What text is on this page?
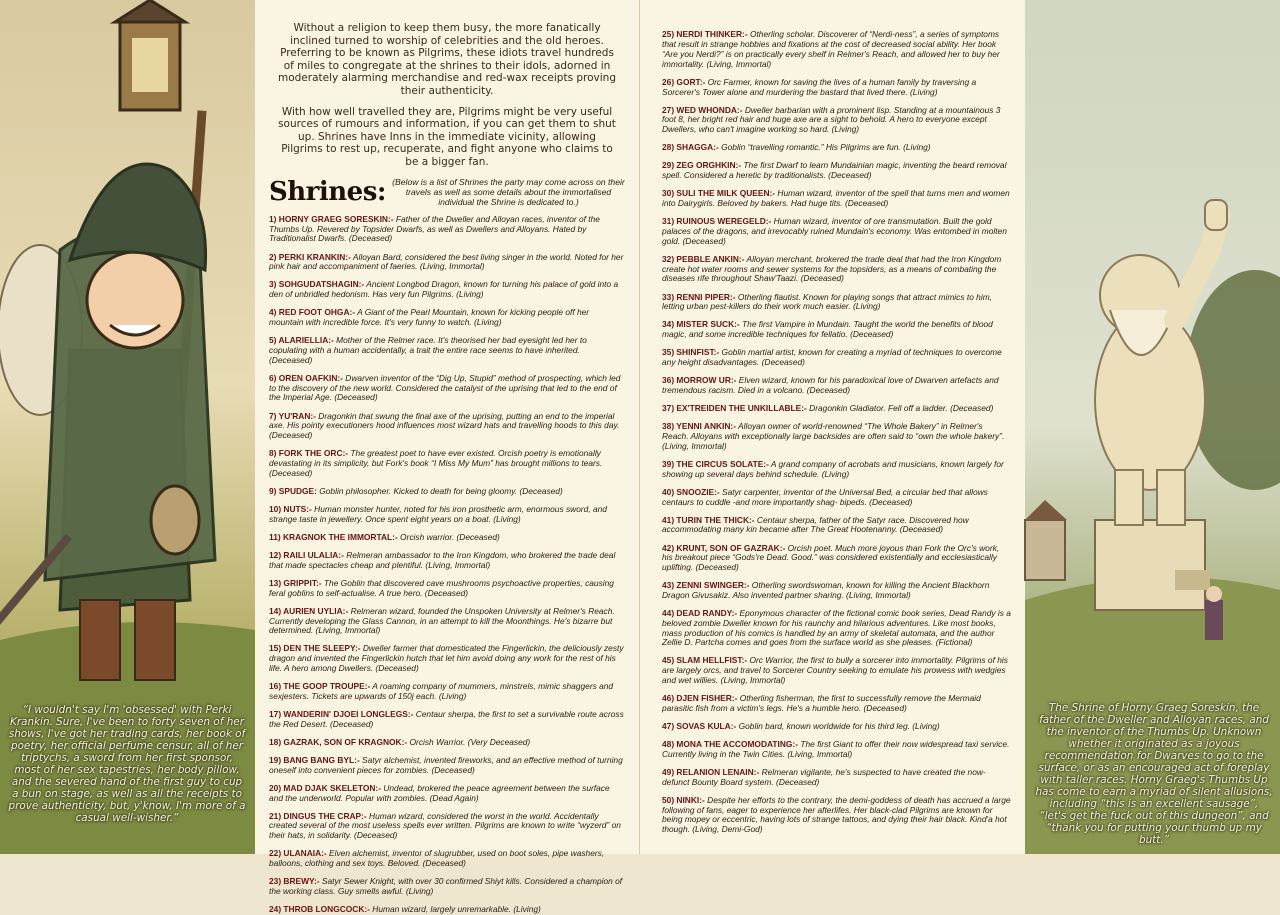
Without a religion to keep them busy, the more fanatically inclined turned to worship of celebrities and the old heroes. Preferring to be known as Pilgrims, these idiots travel hundreds of miles to congregate at the shrines to their idols, adorned in moderately alarming merchandise and red-wax receipts proving their authenticity.

With how well travelled they are, Pilgrims might be very useful sources of rumours and information, if you can get them to shut up. Shrines have Inns in the immediate vicinity, allowing Pilgrims to rest up, recuperate, and fight anyone who claims to be a bigger fan.

Shrines: (Below is a list of Shrines the party may come across on their travels as well as some details about the immortalised individual the Shrine is dedicated to.)

1) HORNY GRAEG SORESKIN:- Father of the Dweller and Alloyan races, inventor of the Thumbs Up. Revered by Topsider Dwarfs, as well as Dwellers and Alloyans. Hated by Traditionalist Dwarfs. (Deceased)

2) PERKI KRANKIN:- Alloyan Bard, considered the best living singer in the world. Noted for her pink hair and accompaniment of faeries. (Living, Immortal)

3) SOHGUDATSHAGIN:- Ancient Longbod Dragon, known for turning his palace of gold into a den of unbridled hedonism. Has very fun Pilgrims. (Living)

4) RED FOOT OHGA:- A Giant of the Pearl Mountain, known for kicking people off her mountain with incredible force. It's very funny to watch. (Living)

5) ALARIELLIA:- Mother of the Relmer race. It's theorised her bad eyesight led her to copulating with a human accidentally, a trait the entire race seems to have inherited. (Deceased)

6) OREN OAFKIN:- Dwarven inventor of the “Dig Up, Stupid” method of prospecting, which led to the discovery of the new world. Considered the catalyst of the uprising that led to the end of the Imperial Age. (Deceased)

7) YU'RAN:- Dragonkin that swung the final axe of the uprising, putting an end to the imperial axe. His pointy executioners hood influences most wizard hats and travelling hoods to this day. (Deceased)

8) FORK THE ORC:- The greatest poet to have ever existed. Orcish poetry is emotionally devastating in its simplicity, but Fork's book “I Miss My Mum” has brought millions to tears. (Deceased)

9) SPUDGE: Goblin philosopher. Kicked to death for being gloomy. (Deceased)

10) NUTS:- Human monster hunter, noted for his iron prosthetic arm, enormous sword, and strange taste in jewellery. Once spent eight years on a boat. (Living)

11) KRAGNOK THE IMMORTAL:- Orcish warrior. (Deceased)

12) RAILI ULALIA:- Relmeran ambassador to the Iron Kingdom, who brokered the trade deal that made spectacles cheap and plentiful. (Living, Immortal)

13) GRIPPIT:- The Goblin that discovered cave mushrooms psychoactive properties, causing feral goblins to self-actualise. A true hero. (Deceased)

14) AURIEN UYLIA:- Relmeran wizard, founded the Unspoken University at Relmer's Reach. Currently developing the Glass Cannon, in an attempt to kill the Moonthings. He's bizarre but determined. (Living, Immortal)

15) DEN THE SLEEPY:- Dweller farmer that domesticated the Fingerlickin, the deliciously zesty dragon and invented the Fingerlickin hutch that let him avoid doing any work for the rest of his life. A hero among Dwellers. (Deceased)

16) THE GOOP TROUPE:- A roaming company of mummers, minstrels, mimic shaggers and sexjesters. Tickets are upwards of 150j each. (Living)

17) WANDERIN' DJOEI LONGLEGS:- Centaur sherpa, the first to set a survivable route across the Red Desert. (Deceased)

18) GAZRAK, SON OF KRAGNOK:- Orcish Warrior. (Very Deceased)

19) BANG BANG BYL:- Satyr alchemist, invented fireworks, and an effective method of turning oneself into convenient pieces for zombies. (Deceased)

20) MAD DJAK SKELETON:- Undead, brokered the peace agreement between the surface and the underworld. Popular with zombies. (Dead Again)

21) DINGUS THE CRAP:- Human wizard, considered the worst in the world. Accidentally created several of the most useless spells ever written. Pilgrims are known to write “wyzerd” on their hats, in solidarity. (Deceased)

22) ULANAIA:- Elven alchemist, inventor of slugrubber, used on boot soles, pipe washers, balloons, clothing and sex toys. Beloved. (Deceased)

23) BREWY:- Satyr Sewer Knight, with over 30 confirmed Shiyt kills. Considered a champion of the working class. Guy smells awful. (Living)

24) THROB LONGCOCK:- Human wizard, largely unremarkable. (Living)

25) NERDI THINKER:- Otherling scholar. Discoverer of “Nerdi-ness”, a series of symptoms that result in strange hobbies and fixations at the cost of decreased social ability. Her book “Are you Nerdi?” is on practically every shelf in Relmer's Reach, and allowed her to buy her immortality. (Living, Immortal)

26) GORT:- Orc Farmer, known for saving the lives of a human family by traversing a Sorcerer's Tower alone and murdering the bastard that lived there. (Living)

27) WED WHONDA:- Dweller barbarian with a prominent lisp. Standing at a mountainous 3 foot 8, her bright red hair and huge axe are a sight to behold. A hero to everyone except Dwellers, who can't imagine working so hard. (Living)

28) SHAGGA:- Goblin “travelling romantic.” His Pilgrims are fun. (Living)

29) ZEG ORGHKIN:- The first Dwarf to learn Mundainian magic, inventing the beard removal spell. Considered a heretic by traditionalists. (Deceased)

30) SULI THE MILK QUEEN:- Human wizard, inventor of the spell that turns men and women into Dairygirls. Beloved by bakers. Had huge tits. (Deceased)

31) RUINOUS WEREGELD:- Human wizard, inventor of ore transmutation. Built the gold palaces of the dragons, and irrevocably ruined Mundain's economy. Was entombed in molten gold. (Deceased)

32) PEBBLE ANKIN:- Alloyan merchant, brokered the trade deal that had the Iron Kingdom create hot water rooms and sewer systems for the topsiders, as a means of combating the diseases rife throughout Shaw'Taazi. (Deceased)

33) RENNI PIPER:- Otherling flautist. Known for playing songs that attract mimics to him, letting urban pest-killers do their work much easier. (Living)

34) MISTER SUCK:- The first Vampire in Mundain. Taught the world the benefits of blood magic, and some incredible techniques for fellatio. (Deceased)

35) SHINFIST:- Goblin martial artist, known for creating a myriad of techniques to overcome any height disadvantages. (Deceased)

36) MORROW UR:- Elven wizard, known for his paradoxical love of Dwarven artefacts and tremendous racism. Died in a volcano. (Deceased)

37) EX'TREIDEN THE UNKILLABLE:- Dragonkin Gladiator. Fell off a ladder. (Deceased)

38) YENNI ANKIN:- Alloyan owner of world-renowned “The Whole Bakery” in Relmer's Reach. Alloyans with exceptionally large backsides are often said to “own the whole bakery”. (Living, Immortal)

39) THE CIRCUS SOLATE:- A grand company of acrobats and musicians, known largely for showing up several days behind schedule. (Living)

40) SNOOZIE:- Satyr carpenter, inventor of the Universal Bed, a circular bed that allows centaurs to cuddle -and more importantly shag- bipeds. (Deceased)

41) TURIN THE THICK:- Centaur sherpa, father of the Satyr race. Discovered how accommodating many kin became after The Great Hootenanny. (Deceased)

42) KRUNT, SON OF GAZRAK:- Orcish poet. Much more joyous than Fork the Orc's work, his breakout piece “Gods're Dead. Good.” was considered existentially and ecclesiastically uplifting. (Deceased)

43) ZENNI SWINGER:- Otherling swordswoman, known for killing the Ancient Blackhorn Dragon Givusakiz. Also invented partner sharing. (Living, Immortal)

44) DEAD RANDY:- Eponymous character of the fictional comic book series, Dead Randy is a beloved zombie Dweller known for his raunchy and hilarious adventures. Like most books, mass production of his comics is handled by an army of skeletal automata, and the author Zellie D. Partcha comes and goes from the surface world as she pleases. (Fictional)

45) SLAM HELLFIST:- Orc Warrior, the first to bully a sorcerer into immortality. Pilgrims of his are largely orcs, and travel to Sorcerer Country seeking to emulate his prowess with wedgies and wet willies. (Living, Immortal)

46) DJEN FISHER:- Otherling fisherman, the first to successfully remove the Mermaid parasitic fish from a victim's legs. He's a humble hero. (Deceased)

47) SOVAS KULA:- Goblin bard, known worldwide for his third leg. (Living)

48) MONA THE ACCOMODATING:- The first Giant to offer their now widespread taxi service. Currently living in the Twin Cities. (Living, Immortal)

49) RELANION LENAIN:- Relmeran vigilante, he's suspected to have created the now-defunct Bounty Board system. (Deceased)

50) NINKI:- Despite her efforts to the contrary, the demi-goddess of death has accrued a large following of fans, eager to experience her afterlifes. Her black-clad Pilgrims are known for being mopey or eccentric, having lots of strange tattoos, and dying their hair black. Kind'a hot though. (Living, Demi-God)

“I wouldn't say I'm 'obsessed' with Perki Krankin. Sure, I've been to forty seven of her shows, I've got her trading cards, her book of poetry, her official perfume censur, all of her triptychs, a sword from her first sponsor, most of her sex tapestries, her body pillow, and the severed hand of the first guy to cup a bun on stage, as well as all the receipts to prove authenticity, but, y'know, I'm more of a casual well-wisher.”
The Shrine of Horny Graeg Soreskin, the father of the Dweller and Alloyan races, and the inventor of the Thumbs Up. Unknown whether it originated as a joyous recommendation for Dwarves to go to the surface, or as an encouraged act of foreplay with taller races. Horny Graeg's Thumbs Up has come to earn a myriad of silent allusions, including “this is an excellent sausage”, “let's get the fuck out of this dungeon”, and “thank you for putting your thumb up my butt.”
